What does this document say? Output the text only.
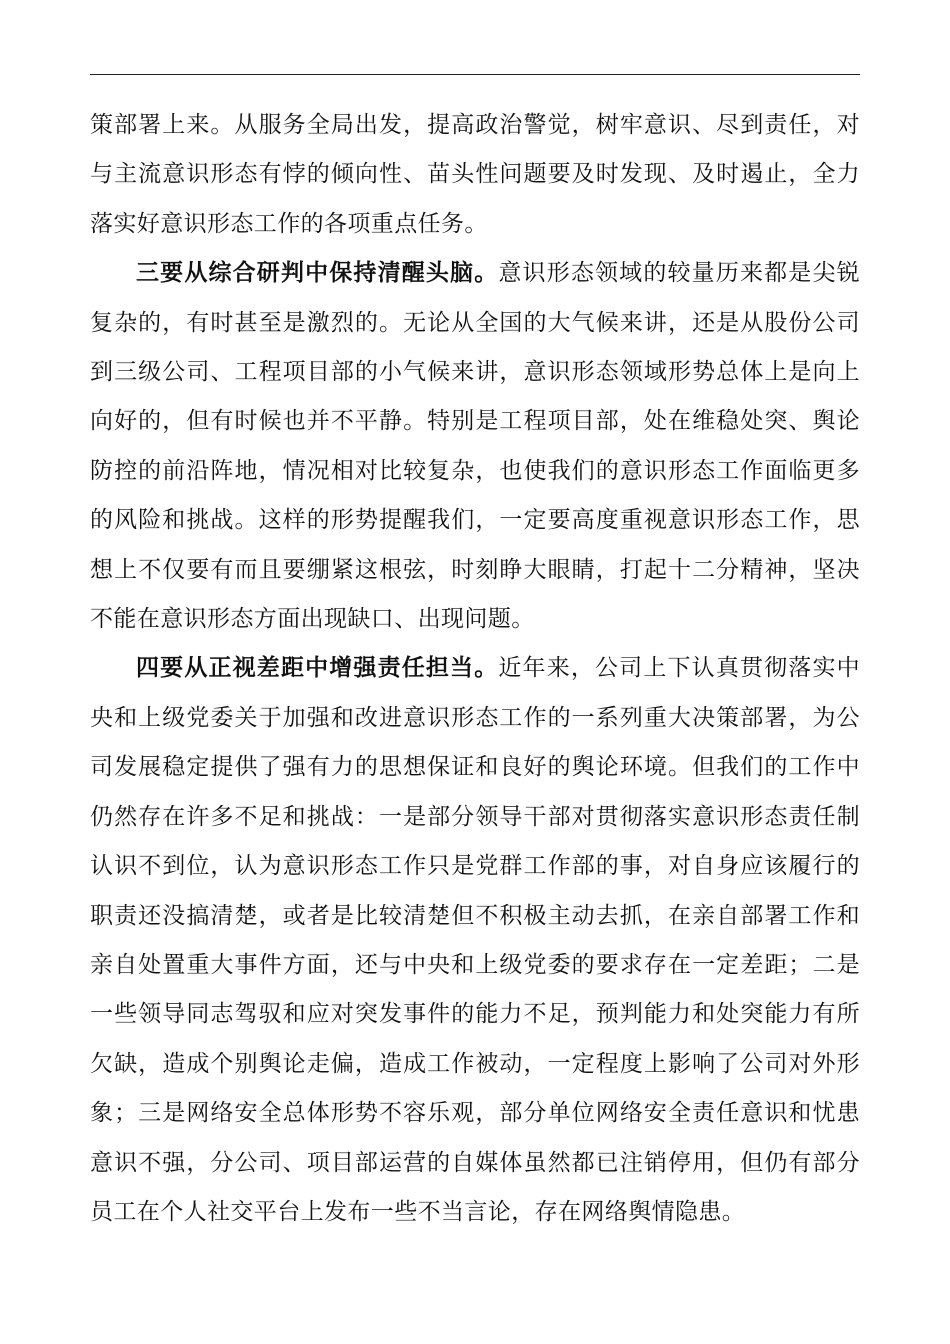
策部署上来。从服务全局出发，提高政治警觉，树牢意识、尽到责任，对与主流意识形态有悖的倾向性、苗头性问题要及时发现、及时遏止，全力落实好意识形态工作的各项重点任务。

三要从综合研判中保持清醒头脑。意识形态领域的较量历来都是尖锐复杂的，有时甚至是激烈的。无论从全国的大气候来讲，还是从股份公司到三级公司、工程项目部的小气候来讲，意识形态领域形势总体上是向上向好的，但有时候也并不平静。特别是工程项目部，处在维稳处突、舆论防控的前沿阵地，情况相对比较复杂，也使我们的意识形态工作面临更多的风险和挑战。这样的形势提醒我们，一定要高度重视意识形态工作，思想上不仅要有而且要绷紧这根弦，时刻睁大眼睛，打起十二分精神，坚决不能在意识形态方面出现缺口、出现问题。

四要从正视差距中增强责任担当。近年来，公司上下认真贯彻落实中央和上级党委关于加强和改进意识形态工作的一系列重大决策部署，为公司发展稳定提供了强有力的思想保证和良好的舆论环境。但我们的工作中仍然存在许多不足和挑战：一是部分领导干部对贯彻落实意识形态责任制认识不到位，认为意识形态工作只是党群工作部的事，对自身应该履行的职责还没搞清楚，或者是比较清楚但不积极主动去抓，在亲自部署工作和亲自处置重大事件方面，还与中央和上级党委的要求存在一定差距；二是一些领导同志驾驭和应对突发事件的能力不足，预判能力和处突能力有所欠缺，造成个别舆论走偏，造成工作被动，一定程度上影响了公司对外形象；三是网络安全总体形势不容乐观，部分单位网络安全责任意识和忧患意识不强，分公司、项目部运营的自媒体虽然都已注销停用，但仍有部分员工在个人社交平台上发布一些不当言论，存在网络舆情隐患。
